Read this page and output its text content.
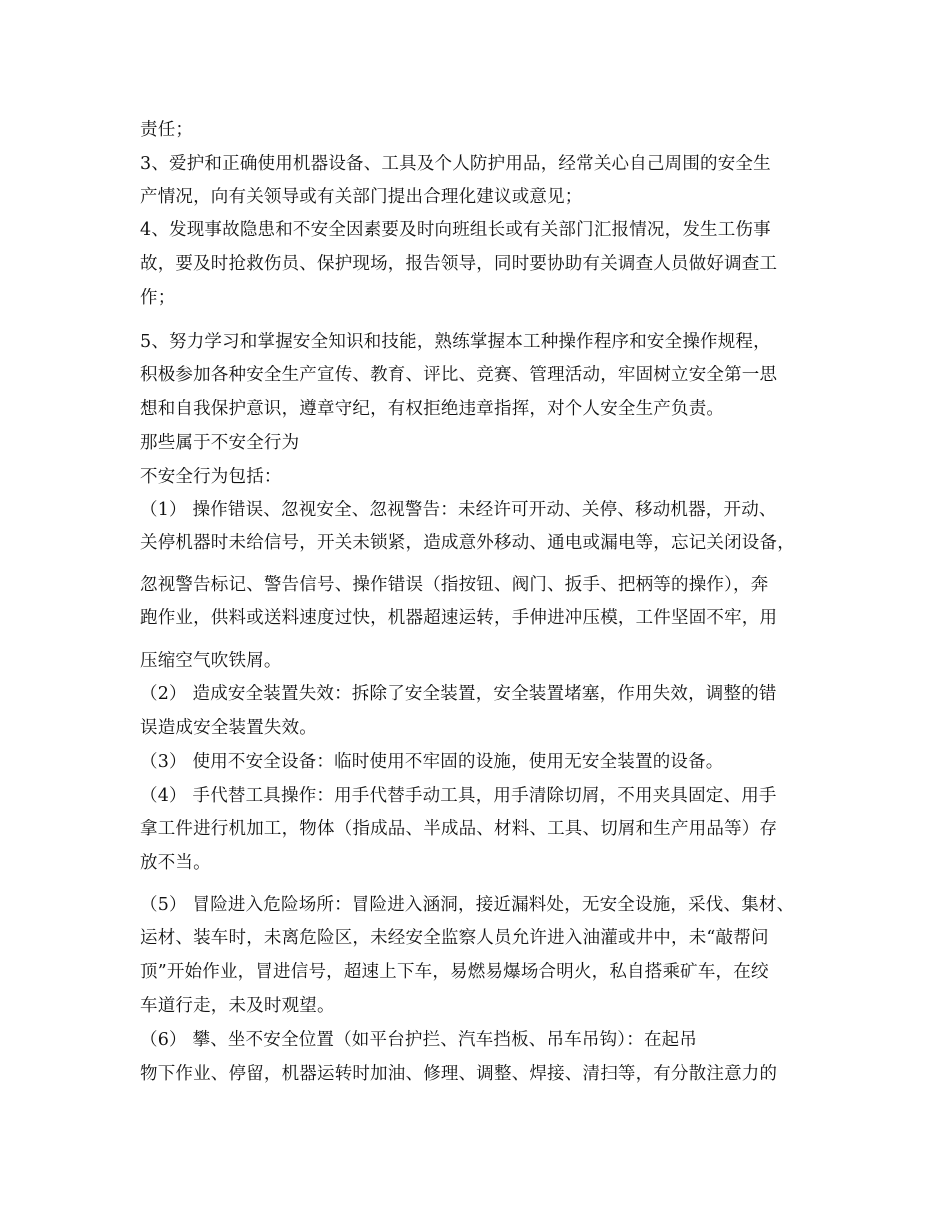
责任；
3、爱护和正确使用机器设备、工具及个人防护用品，经常关心自己周围的安全生
产情况，向有关领导或有关部门提出合理化建议或意见；
4、发现事故隐患和不安全因素要及时向班组长或有关部门汇报情况，发生工伤事
故，要及时抢救伤员、保护现场，报告领导，同时要协助有关调查人员做好调查工
作；
5、努力学习和掌握安全知识和技能，熟练掌握本工种操作程序和安全操作规程，
积极参加各种安全生产宣传、教育、评比、竞赛、管理活动，牢固树立安全第一思
想和自我保护意识，遵章守纪，有权拒绝违章指挥，对个人安全生产负责。
那些属于不安全行为
不安全行为包括：
（1） 操作错误、忽视安全、忽视警告：未经许可开动、关停、移动机器，开动、
关停机器时未给信号，开关未锁紧，造成意外移动、通电或漏电等，忘记关闭设备，
忽视警告标记、警告信号、操作错误（指按钮、阀门、扳手、把柄等的操作），奔
跑作业，供料或送料速度过快，机器超速运转，手伸进冲压模，工件坚固不牢，用
压缩空气吹铁屑。
（2） 造成安全装置失效：拆除了安全装置，安全装置堵塞，作用失效，调整的错
误造成安全装置失效。
（3） 使用不安全设备：临时使用不牢固的设施，使用无安全装置的设备。
（4） 手代替工具操作：用手代替手动工具，用手清除切屑，不用夹具固定、用手
拿工件进行机加工，物体（指成品、半成品、材料、工具、切屑和生产用品等）存
放不当。
（5） 冒险进入危险场所：冒险进入涵洞，接近漏料处，无安全设施，采伐、集材、
运材、装车时，未离危险区，未经安全监察人员允许进入油灌或井中，未“敲帮问
顶”开始作业，冒进信号，超速上下车，易燃易爆场合明火，私自搭乘矿车，在绞
车道行走，未及时观望。
（6） 攀、坐不安全位置（如平台护拦、汽车挡板、吊车吊钩）：在起吊
物下作业、停留，机器运转时加油、修理、调整、焊接、清扫等，有分散注意力的
